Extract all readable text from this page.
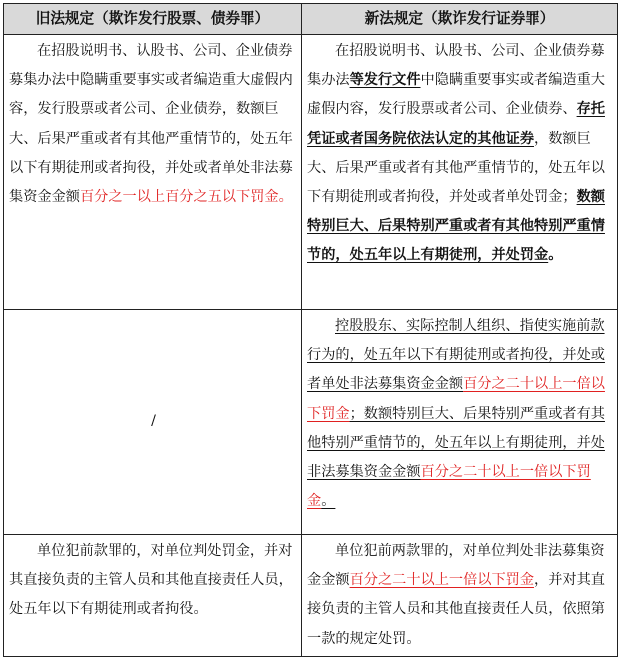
旧法规定（欺诈发行股票、债券罪）	新法规定（欺诈发行证券罪）
在招股说明书、认股书、公司、企业债券募集办法中隐瞒重要事实或者编造重大虚假内容，发行股票或者公司、企业债券，数额巨大、后果严重或者有其他严重情节的，处五年以下有期徒刑或者拘役，并处或者单处非法募集资金金额百分之一以上百分之五以下罚金。	在招股说明书、认股书、公司、企业债券募集办法等发行文件中隐瞒重要事实或者编造重大虚假内容，发行股票或者公司、企业债券、存托凭证或者国务院依法认定的其他证券，数额巨大、后果严重或者有其他严重情节的，处五年以下有期徒刑或者拘役，并处或者单处罚金；数额特别巨大、后果特别严重或者有其他特别严重情节的，处五年以上有期徒刑，并处罚金。
/	控股股东、实际控制人组织、指使实施前款行为的，处五年以下有期徒刑或者拘役，并处或者单处非法募集资金金额百分之二十以上一倍以下罚金；数额特别巨大、后果特别严重或者有其他特别严重情节的，处五年以上有期徒刑，并处非法募集资金金额百分之二十以上一倍以下罚金。
单位犯前款罪的，对单位判处罚金，并对其直接负责的主管人员和其他直接责任人员，处五年以下有期徒刑或者拘役。	单位犯前两款罪的，对单位判处非法募集资金金额百分之二十以上一倍以下罚金，并对其直接负责的主管人员和其他直接责任人员，依照第一款的规定处罚。
